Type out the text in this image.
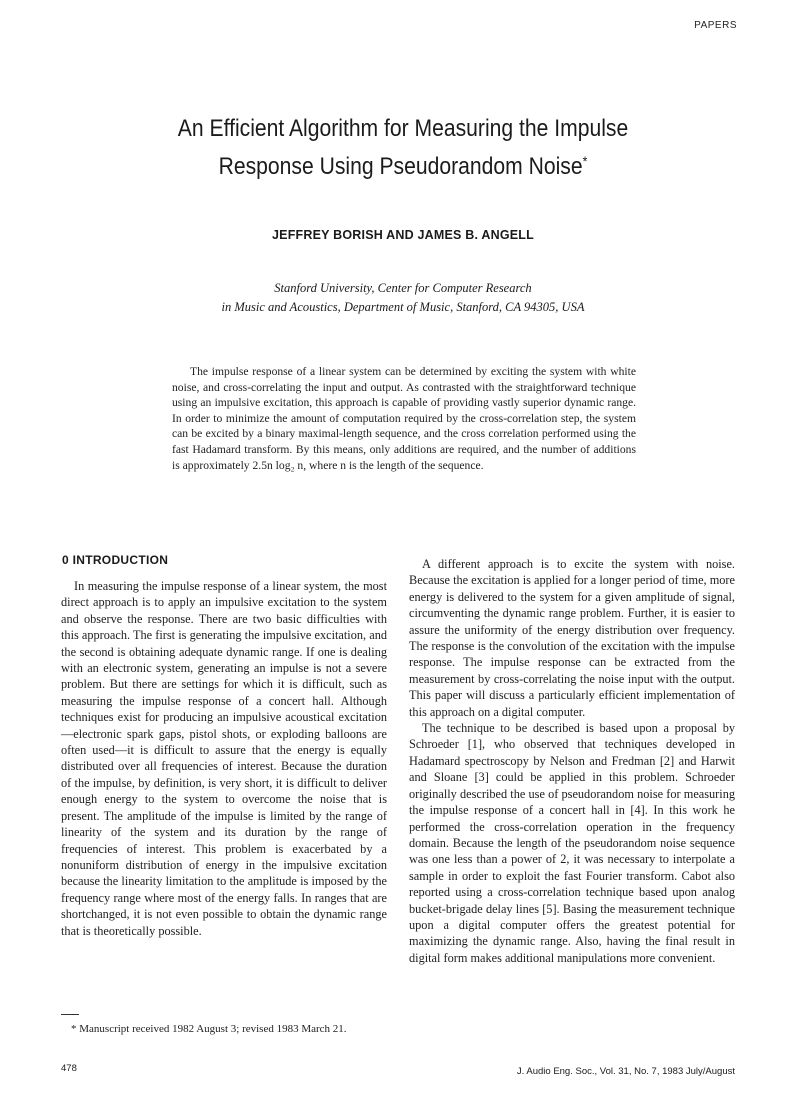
PAPERS
An Efficient Algorithm for Measuring the Impulse
Response Using Pseudorandom Noise*
JEFFREY BORISH AND JAMES B. ANGELL
Stanford University, Center for Computer Research
in Music and Acoustics, Department of Music, Stanford, CA 94305, USA
The impulse response of a linear system can be determined by exciting the system with white noise, and cross-correlating the input and output. As contrasted with the straightforward technique using an impulsive excitation, this approach is capable of providing vastly superior dynamic range. In order to minimize the amount of computation required by the cross-correlation step, the system can be excited by a binary maximal-length sequence, and the cross correlation performed using the fast Hadamard transform. By this means, only additions are required, and the number of additions is approximately 2.5n log₂ n, where n is the length of the sequence.
0 INTRODUCTION

In measuring the impulse response of a linear system, the most direct approach is to apply an impulsive excitation to the system and observe the response. There are two basic difficulties with this approach. The first is generating the impulsive excitation, and the second is obtaining adequate dynamic range. If one is dealing with an electronic system, generating an impulse is not a severe problem. But there are settings for which it is difficult, such as measuring the impulse response of a concert hall. Although techniques exist for producing an impulsive acoustical excitation—electronic spark gaps, pistol shots, or exploding balloons are often used—it is difficult to assure that the energy is equally distributed over all frequencies of interest. Because the duration of the impulse, by definition, is very short, it is difficult to deliver enough energy to the system to overcome the noise that is present. The amplitude of the impulse is limited by the range of linearity of the system and its duration by the range of frequencies of interest. This problem is exacerbated by a nonuniform distribution of energy in the impulsive excitation because the linearity limitation to the amplitude is imposed by the frequency range where most of the energy falls. In ranges that are shortchanged, it is not even possible to obtain the dynamic range that is theoretically possible.

A different approach is to excite the system with noise. Because the excitation is applied for a longer period of time, more energy is delivered to the system for a given amplitude of signal, circumventing the dynamic range problem. Further, it is easier to assure the uniformity of the energy distribution over frequency. The response is the convolution of the excitation with the impulse response. The impulse response can be extracted from the measurement by cross-correlating the noise input with the output. This paper will discuss a particularly efficient implementation of this approach on a digital computer.

The technique to be described is based upon a proposal by Schroeder [1], who observed that techniques developed in Hadamard spectroscopy by Nelson and Fredman [2] and Harwit and Sloane [3] could be applied in this problem. Schroeder originally described the use of pseudorandom noise for measuring the impulse response of a concert hall in [4]. In this work he performed the cross-correlation operation in the frequency domain. Because the length of the pseudorandom noise sequence was one less than a power of 2, it was necessary to interpolate a sample in order to exploit the fast Fourier transform. Cabot also reported using a cross-correlation technique based upon analog bucket-brigade delay lines [5]. Basing the measurement technique upon a digital computer offers the greatest potential for maximizing the dynamic range. Also, having the final result in digital form makes additional manipulations more convenient.

* Manuscript received 1982 August 3; revised 1983 March 21.
478	J. Audio Eng. Soc., Vol. 31, No. 7, 1983 July/August
